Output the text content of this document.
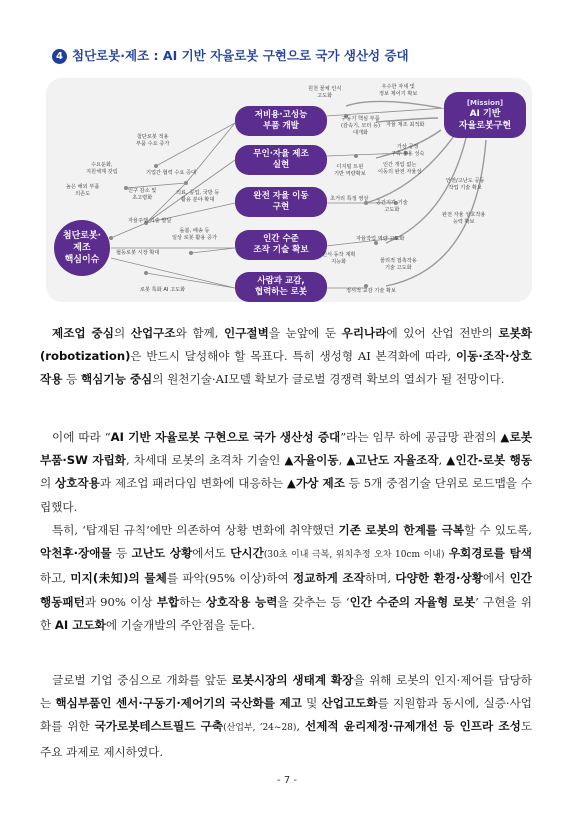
4 첨단로봇·제조 : AI 기반 자율로봇 구현으로 국가 생산성 증대
첨단로봇·
제조
핵심이슈
저비용·고성능
부품 개발
무인·자율 제조
실현
완전 자율 이동
구현
인간 수준
조작 기술 확보
사람과 교감,
협력하는 로봇
[Mission]
AI 기반
자율로봇구현
높은 해외 부품
의존도
수요둔화,
지원체계 갖림
첨단로봇 적용
부품 수요 증가
기업간 협력 수요 증대
인구 감소 및
초고령화
의료, 공업, 국방 등
활용 분야 확대
자율주행 기술 발달
돌봄, 배송 등
일상 로봇 활용 증가
협동로봇 시장 확대
로봇 특화 AI 고도화
원천 물체 인식
고도화
구동기 핵심 부품
(감속기, 모터 등)
대개화
우수한 자세 및
정보 제어기 확보
자율 제조 최적화
디지털 트윈
기반 역량확보
인간 개입 없는
이동의 완전 자율성
가상 공정
구축·운용 성숙
초거리 특정 영상
공간지각 기술
고도화
안전/고난도 공동
작업 기술 확보
자율작업 역량 고도화
완전 자율 상호작용
능력 확보
인식·동작 계획
지능화	물리적 접촉작용
기술 고도화
정서적 교감 기술 확보
제조업 중심의 산업구조와 함께, 인구절벽을 눈앞에 둔 우리나라에 있어 산업 전반의 로봇화(robotization)은 반드시 달성해야 할 목표다. 특히 생성형 AI 본격화에 따라, 이동·조작·상호작용 등 핵심기능 중심의 원천기술·AI모델 확보가 글로벌 경쟁력 확보의 열쇠가 될 전망이다.
이에 따라 “AI 기반 자율로봇 구현으로 국가 생산성 증대”라는 임무 하에 공급망 관점의 ▲로봇 부품·SW 자립화, 차세대 로봇의 초격차 기술인 ▲자율이동, ▲고난도 자율조작, ▲인간-로봇 행동의 상호작용과 제조업 패러다임 변화에 대응하는 ▲가상 제조 등 5개 중점기술 단위로 로드맵을 수립했다.
특히, ‘탑재된 규칙’에만 의존하여 상황 변화에 취약했던 기존 로봇의 한계를 극복할 수 있도록, 악천후·장애물 등 고난도 상황에서도 단시간(30초 이내 극복, 위치추정 오차 10cm 이내) 우회경로를 탐색하고, 미지(未知)의 물체를 파악(95% 이상)하여 정교하게 조작하며, 다양한 환경·상황에서 인간 행동패턴과 90% 이상 부합하는 상호작용 능력을 갖추는 등 ‘인간 수준의 자율형 로봇’ 구현을 위한 AI 고도화에 기술개발의 주안점을 둔다.
글로벌 기업 중심으로 개화를 앞둔 로봇시장의 생태계 확장을 위해 로봇의 인지·제어를 담당하는 핵심부품인 센서·구동기·제어기의 국산화를 제고 및 산업고도화를 지원함과 동시에, 실증·사업화를 위한 국가로봇테스트필드 구축(산업부, ’24~28), 선제적 윤리제정·규제개선 등 인프라 조성도 주요 과제로 제시하였다.
- 7 -
